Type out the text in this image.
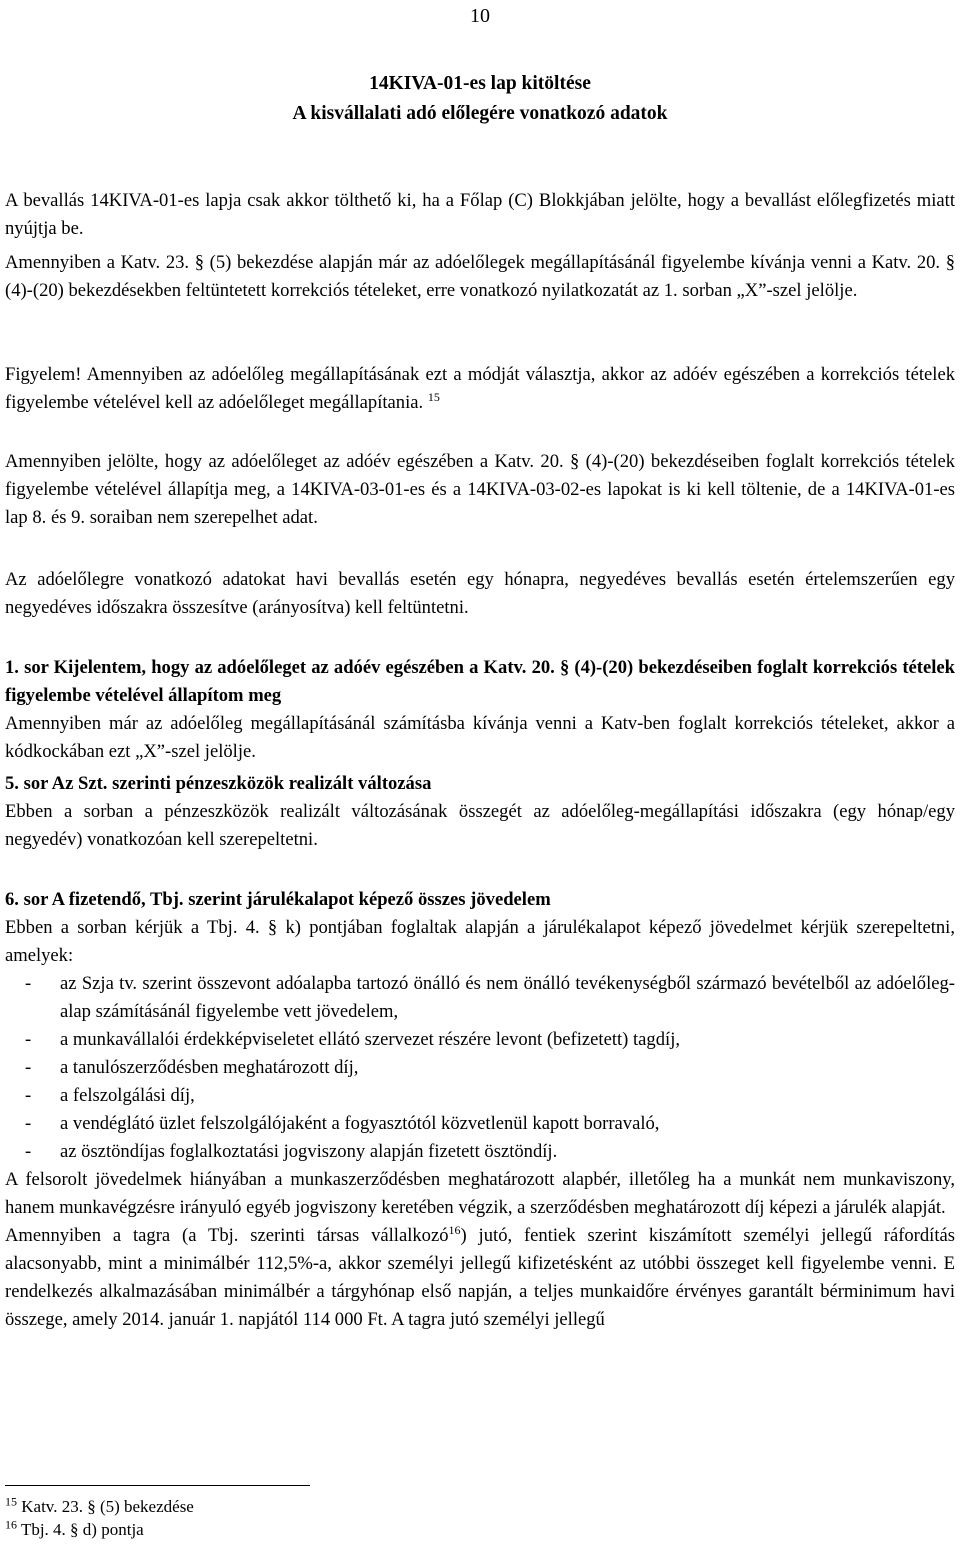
10
14KIVA-01-es lap kitöltése
A kisvállalati adó előlegére vonatkozó adatok

A bevallás 14KIVA-01-es lapja csak akkor tölthető ki, ha a Főlap (C) Blokkjában jelölte, hogy a bevallást előlegfizetés miatt nyújtja be.

Amennyiben a Katv. 23. § (5) bekezdése alapján már az adóelőlegek megállapításánál figyelembe kívánja venni a Katv. 20. § (4)-(20) bekezdésekben feltüntetett korrekciós tételeket, erre vonatkozó nyilatkozatát az 1. sorban „X”-szel jelölje.

Figyelem! Amennyiben az adóelőleg megállapításának ezt a módját választja, akkor az adóév egészében a korrekciós tételek figyelembe vételével kell az adóelőleget megállapítania. $^{15}$

Amennyiben jelölte, hogy az adóelőleget az adóév egészében a Katv. 20. § (4)-(20) bekezdéseiben foglalt korrekciós tételek figyelembe vételével állapítja meg, a 14KIVA-03-01-es és a 14KIVA-03-02-es lapokat is ki kell töltenie, de a 14KIVA-01-es lap 8. és 9. soraiban nem szerepelhet adat.

Az adóelőlegre vonatkozó adatokat havi bevallás esetén egy hónapra, negyedéves bevallás esetén értelemszerűen egy negyedéves időszakra összesítve (arányosítva) kell feltüntetni.

1. sor Kijelentem, hogy az adóelőleget az adóév egészében a Katv. 20. § (4)-(20) bekezdéseiben foglalt korrekciós tételek figyelembe vételével állapítom meg

Amennyiben már az adóelőleg megállapításánál számításba kívánja venni a Katv-ben foglalt korrekciós tételeket, akkor a kódkockában ezt „X”-szel jelölje.

5. sor Az Szt. szerinti pénzeszközök realizált változása

Ebben a sorban a pénzeszközök realizált változásának összegét az adóelőleg-megállapítási időszakra (egy hónap/egy negyedév) vonatkozóan kell szerepeltetni.

6. sor A fizetendő, Tbj. szerint járulékalapot képező összes jövedelem

Ebben a sorban kérjük a Tbj. 4. § k) pontjában foglaltak alapján a járulékalapot képező jövedelmet kérjük szerepeltetni, amelyek:

-	az Szja tv. szerint összevont adóalapba tartozó önálló és nem önálló tevékenységből származó bevételből az adóelőleg-alap számításánál figyelembe vett jövedelem,
-	a munkavállalói érdekképviseletet ellátó szervezet részére levont (befizetett) tagdíj,
-	a tanulószerződésben meghatározott díj,
-	a felszolgálási díj,
-	a vendéglátó üzlet felszolgálójaként a fogyasztótól közvetlenül kapott borravaló,
-	az ösztöndíjas foglalkoztatási jogviszony alapján fizetett ösztöndíj.

A felsorolt jövedelmek hiányában a munkaszerződésben meghatározott alapbér, illetőleg ha a munkát nem munkaviszony, hanem munkavégzésre irányuló egyéb jogviszony keretében végzik, a szerződésben meghatározott díj képezi a járulék alapját.

Amennyiben a tagra (a Tbj. szerinti társas vállalkozó$^{16}$) jutó, fentiek szerint kiszámított személyi jellegű ráfordítás alacsonyabb, mint a minimálbér 112,5%-a, akkor személyi jellegű kifizetésként az utóbbi összeget kell figyelembe venni. E rendelkezés alkalmazásában minimálbér a tárgyhónap első napján, a teljes munkaidőre érvényes garantált bérminimum havi összege, amely 2014. január 1. napjától 114 000 Ft. A tagra jutó személyi jellegű

$^{15}$ Katv. 23. § (5) bekezdése
$^{16}$ Tbj. 4. § d) pontja
